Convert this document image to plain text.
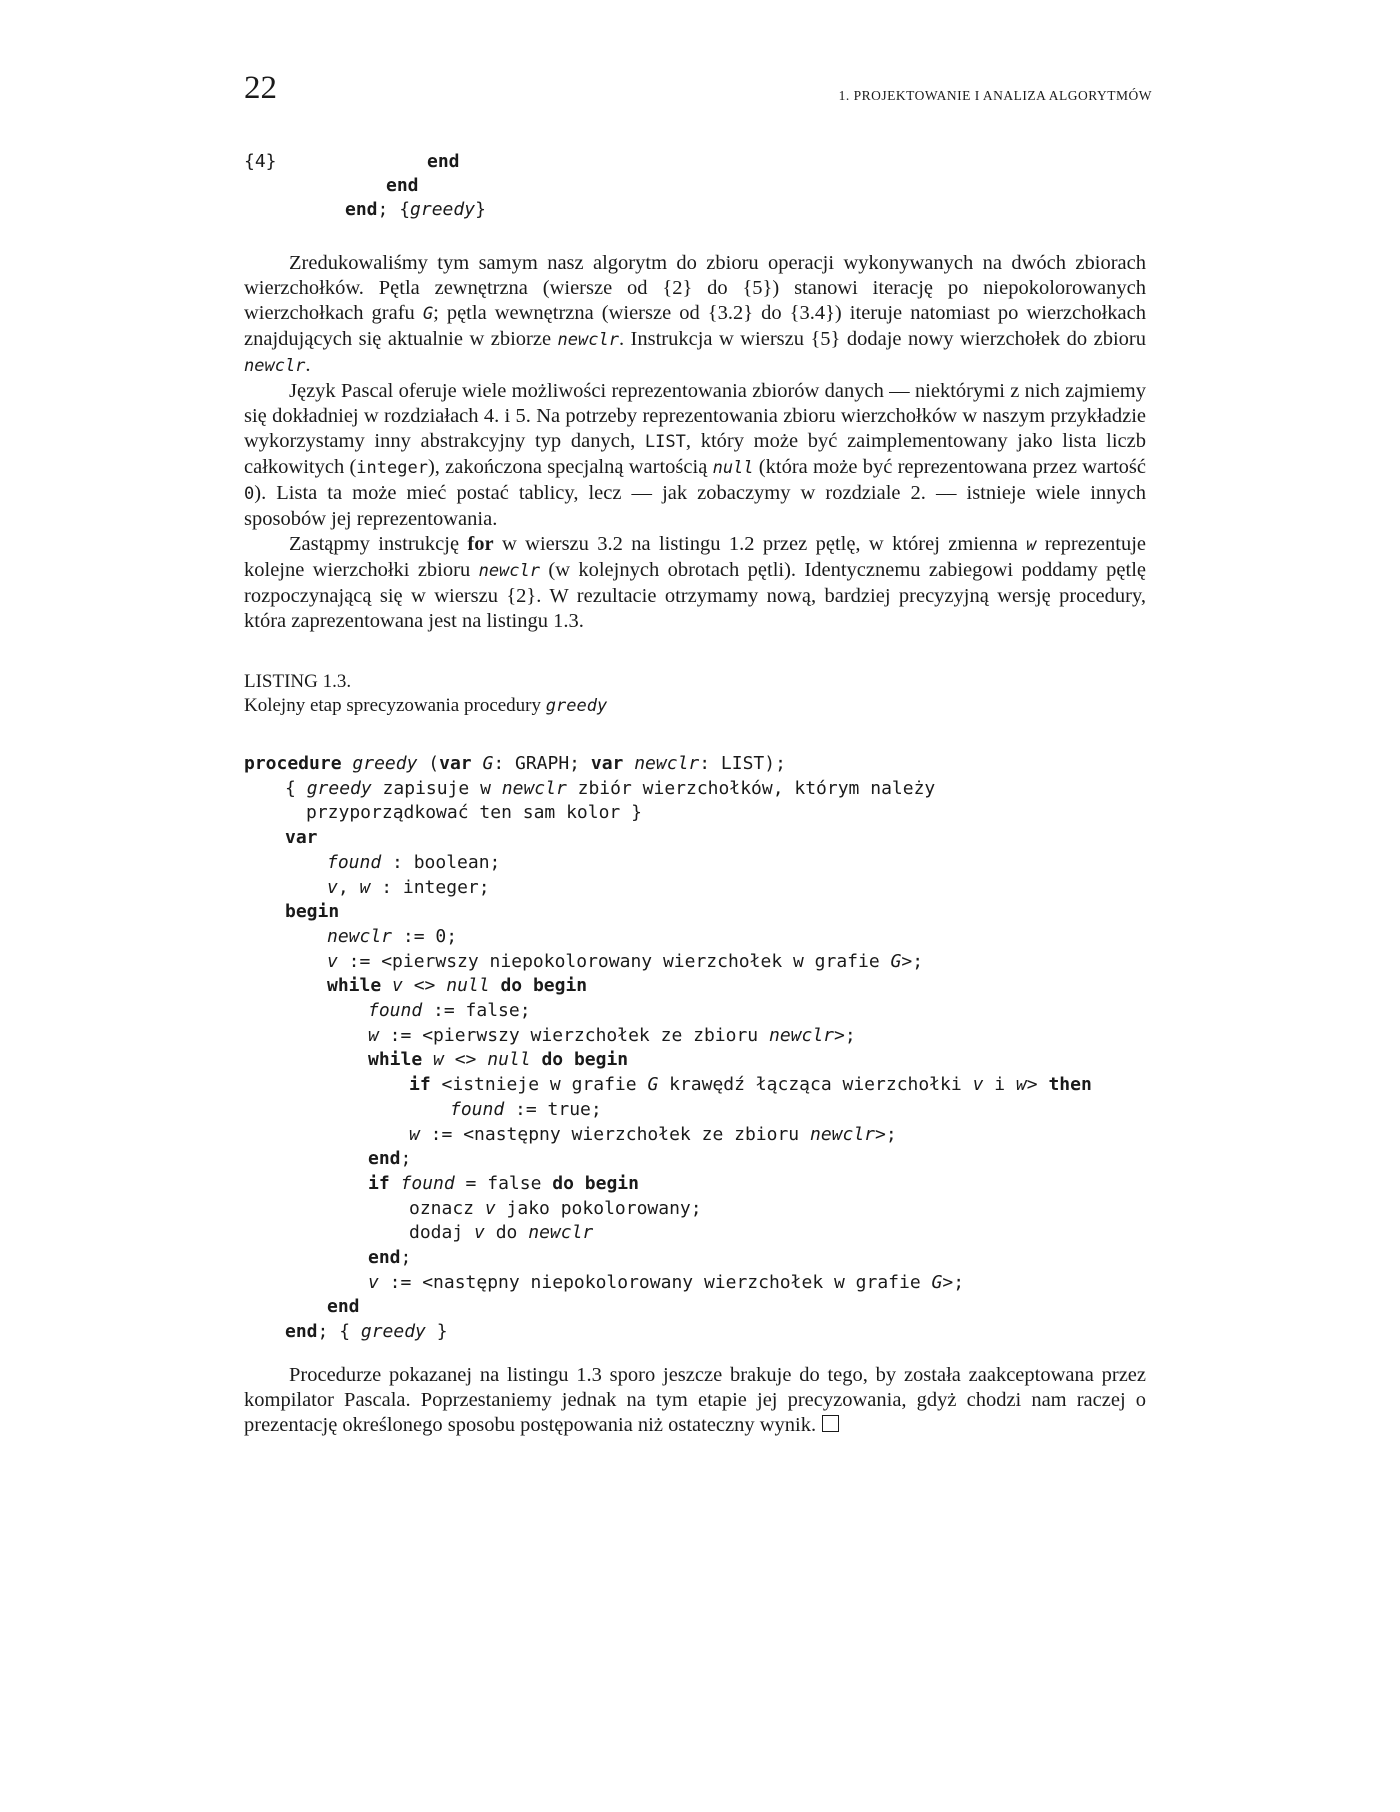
22	1. PROJEKTOWANIE I ANALIZA ALGORYTMÓW

{4}

	end

end

end; {greedy}

Zredukowaliśmy tym samym nasz algorytm do zbioru operacji wykonywanych na dwóch zbiorach wierzchołków. Pętla zewnętrzna (wiersze od {2} do {5}) stanowi iterację po niepokolorowanych wierzchołkach grafu G; pętla wewnętrzna (wiersze od {3.2} do {3.4}) iteruje natomiast po wierzchołkach znajdujących się aktualnie w zbiorze newclr. Instrukcja w wierszu {5} dodaje nowy wierzchołek do zbioru newclr.

Język Pascal oferuje wiele możliwości reprezentowania zbiorów danych — niektórymi z nich zajmiemy się dokładniej w rozdziałach 4. i 5. Na potrzeby reprezentowania zbioru wierzchołków w naszym przykładzie wykorzystamy inny abstrakcyjny typ danych, LIST, który może być zaimplementowany jako lista liczb całkowitych (integer), zakończona specjalną wartością null (która może być reprezentowana przez wartość 0). Lista ta może mieć postać tablicy, lecz — jak zobaczymy w rozdziale 2. –– istnieje wiele innych sposobów jej reprezentowania.

Zastąpmy instrukcję for w wierszu 3.2 na listingu 1.2 przez pętlę, w której zmienna w reprezentuje kolejne wierzchołki zbioru newclr (w kolejnych obrotach pętli). Identycznemu zabiegowi poddamy pętlę rozpoczynającą się w wierszu {2}. W rezultacie otrzymamy nową, bardziej precyzyjną wersję procedury, która zaprezentowana jest na listingu 1.3.

LISTING 1.3.
Kolejny etap sprecyzowania procedury greedy
procedure greedy (var G: GRAPH; var newclr: LIST);
{ greedy zapisuje w newclr zbiór wierzchołków, którym należy
przyporządkować ten sam kolor }
var
found : boolean;
v, w : integer;
begin
newclr := 0;
v := <pierwszy niepokolorowany wierzchołek w grafie G>;
while v <> null do begin
found := false;
w := <pierwszy wierzchołek ze zbioru newclr>;
while w <> null do begin
if <istnieje w grafie G krawędź łącząca wierzchołki v i w> then
found := true;
w := <następny wierzchołek ze zbioru newclr>;
end;
if found = false do begin
oznacz v jako pokolorowany;
dodaj v do newclr
end;
v := <następny niepokolorowany wierzchołek w grafie G>;
end
end; { greedy }

Procedurze pokazanej na listingu 1.3 sporo jeszcze brakuje do tego, by została zaakceptowana przez kompilator Pascala. Poprzestaniemy jednak na tym etapie jej precyzowania, gdyż chodzi nam raczej o prezentację określonego sposobu postępowania niż ostateczny wynik.
